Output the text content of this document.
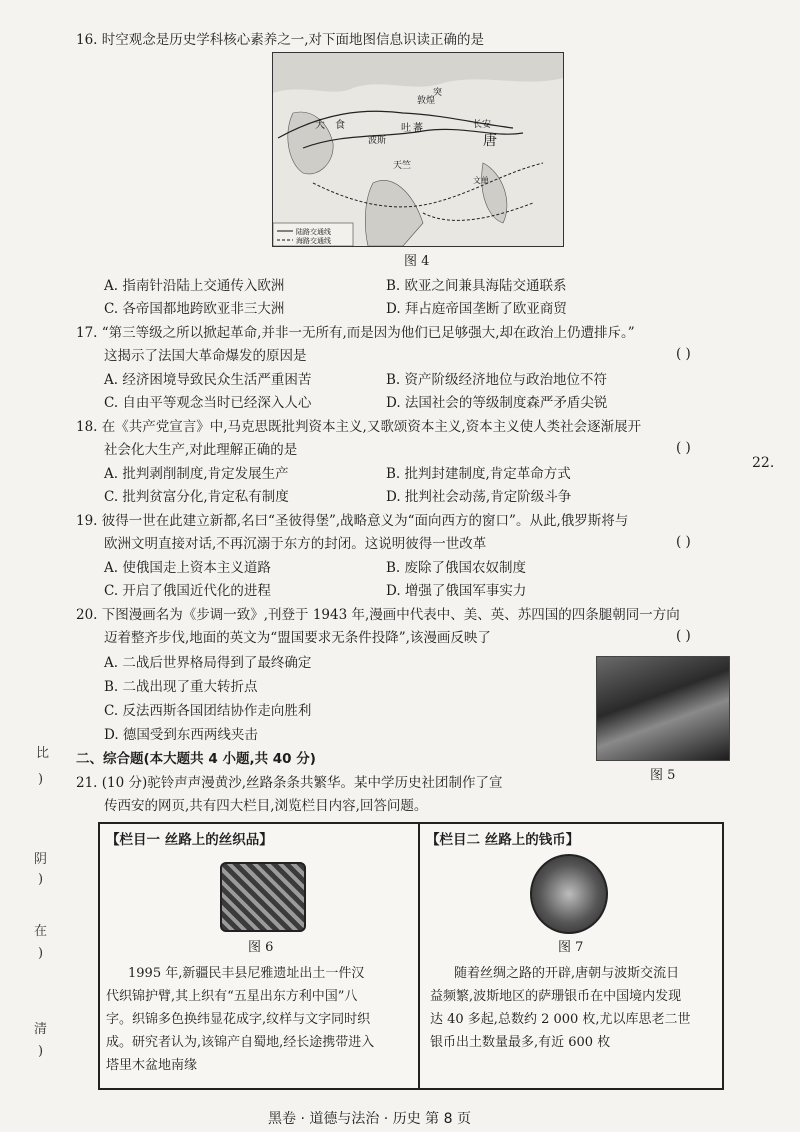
16. 时空观念是历史学科核心素养之一,对下面地图信息识读正确的是
敦煌
吐 蕃	长安
唐
突
大 食
天竺
文单
波斯
陆路交通线
海路交通线
图 4
A. 指南针沿陆上交通传入欧洲	B. 欧亚之间兼具海陆交通联系
C. 各帝国都地跨欧亚非三大洲	D. 拜占庭帝国垄断了欧亚商贸
17. “第三等级之所以掀起革命,并非一无所有,而是因为他们已足够强大,却在政治上仍遭排斥。”
这揭示了法国大革命爆发的原因是	( )
A. 经济困境导致民众生活严重困苦	B. 资产阶级经济地位与政治地位不符
C. 自由平等观念当时已经深入人心	D. 法国社会的等级制度森严矛盾尖锐
18. 在《共产党宣言》中,马克思既批判资本主义,又歌颂资本主义,资本主义使人类社会逐渐展开
社会化大生产,对此理解正确的是	( )
A. 批判剥削制度,肯定发展生产	B. 批判封建制度,肯定革命方式
C. 批判贫富分化,肯定私有制度	D. 批判社会动荡,肯定阶级斗争
19. 彼得一世在此建立新都,名曰“圣彼得堡”,战略意义为“面向西方的窗口”。从此,俄罗斯将与
欧洲文明直接对话,不再沉溺于东方的封闭。这说明彼得一世改革	( )
A. 使俄国走上资本主义道路	B. 废除了俄国农奴制度
C. 开启了俄国近代化的进程	D. 增强了俄国军事实力
20. 下图漫画名为《步调一致》,刊登于 1943 年,漫画中代表中、美、英、苏四国的四条腿朝同一方向
迈着整齐步伐,地面的英文为“盟国要求无条件投降”,该漫画反映了	( )
A. 二战后世界格局得到了最终确定
B. 二战出现了重大转折点
C. 反法西斯各国团结协作走向胜利
D. 德国受到东西两线夹击
图 5
二、综合题(本大题共 4 小题,共 40 分)
21. (10 分)驼铃声声漫黄沙,丝路条条共繁华。某中学历史社团制作了宣
传西安的网页,共有四大栏目,浏览栏目内容,回答问题。
【栏目一 丝路上的丝织品】
图 6
1995 年,新疆民丰县尼雅遗址出土一件汉
代织锦护臂,其上织有“五星出东方利中国”八
字。织锦多色换纬显花成字,纹样与文字同时织
成。研究者认为,该锦产自蜀地,经长途携带进入
塔里木盆地南缘
【栏目二 丝路上的钱币】
图 7
随着丝绸之路的开辟,唐朝与波斯交流日
益频繁,波斯地区的萨珊银币在中国境内发现
达 40 多起,总数约 2 000 枚,尤以库思老二世
银币出土数量最多,有近 600 枚
22.
比
)
阴
)
在
)
清
)
黑卷 · 道德与法治 · 历史 第 8 页
